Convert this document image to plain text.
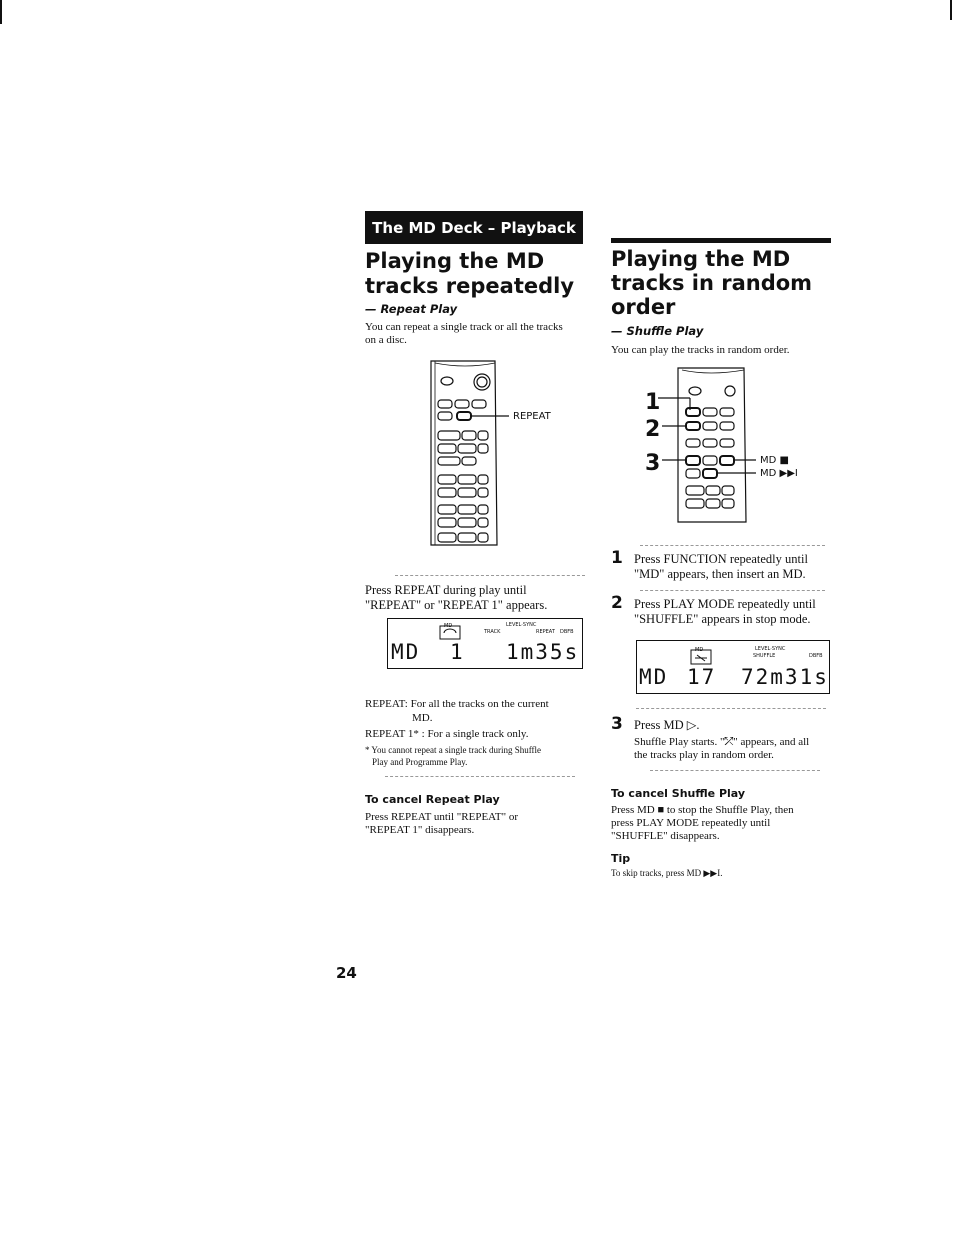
The MD Deck – Playback
Playing the MD
tracks repeatedly
— Repeat Play
You can repeat a single track or all the tracks
on a disc.
REPEAT
Press REPEAT during play until
"REPEAT" or "REPEAT 1" appears.
MD	LEVEL·SYNC
TRACK	REPEAT DBFB
MD 1 1m35s
REPEAT: For all the tracks on the current
MD.
REPEAT 1* : For a single track only.
* You cannot repeat a single track during Shuffle
Play and Programme Play.
To cancel Repeat Play
Press REPEAT until "REPEAT" or
"REPEAT 1" disappears.
Playing the MD
tracks in random
order
— Shuffle Play
You can play the tracks in random order.
1
2
3	MD ■
MD ▶▶I
1 Press FUNCTION repeatedly until
"MD" appears, then insert an MD.
2 Press PLAY MODE repeatedly until
"SHUFFLE" appears in stop mode.
MD	LEVEL·SYNC
SHUFFLE	DBFB
MD 17 72m31s
3 Press MD ▷.
Shuffle Play starts. "⤱" appears, and all
the tracks play in random order.
To cancel Shuffle Play
Press MD ■ to stop the Shuffle Play, then
press PLAY MODE repeatedly until
"SHUFFLE" disappears.
Tip
To skip tracks, press MD ▶▶I.
24
